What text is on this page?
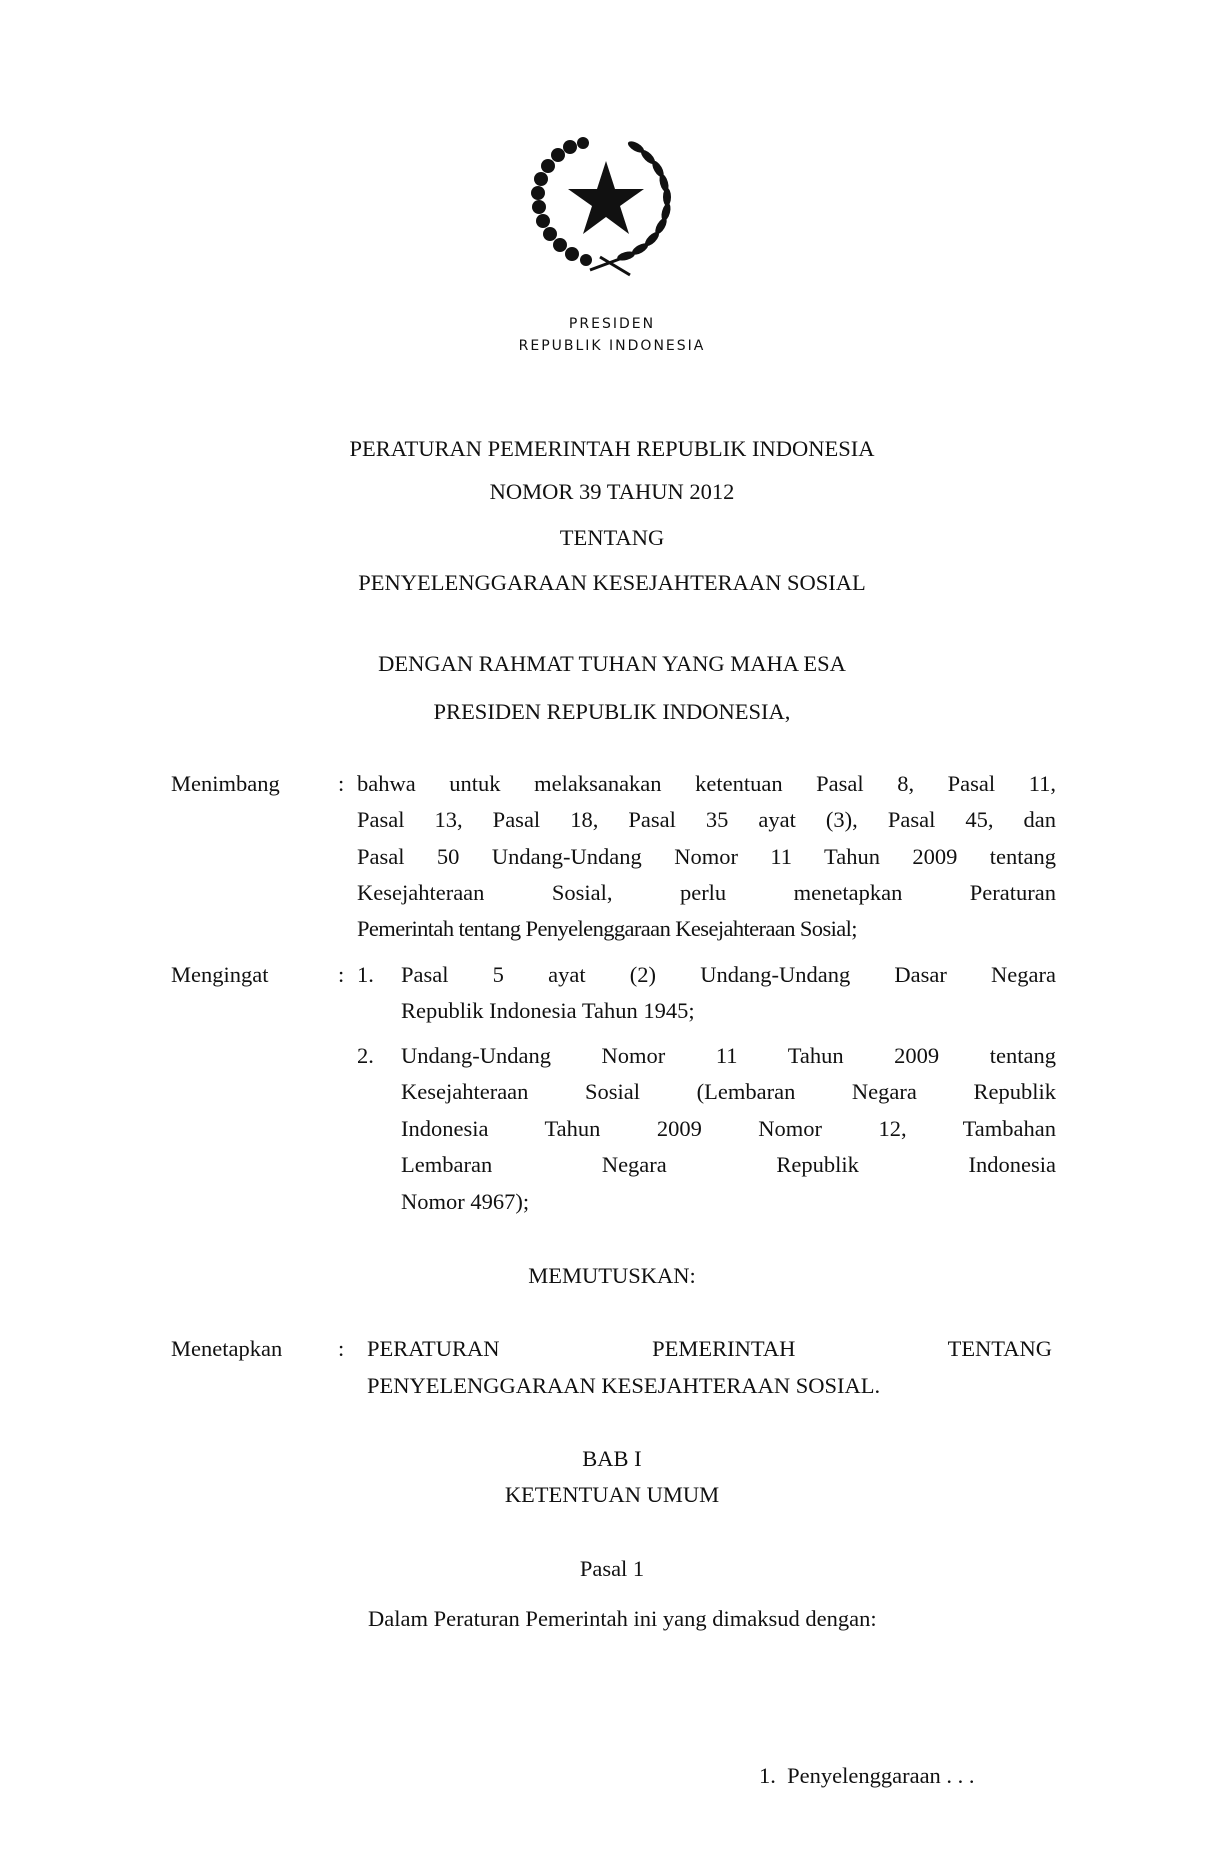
PRESIDEN
REPUBLIK INDONESIA
PERATURAN PEMERINTAH REPUBLIK INDONESIA
NOMOR 39 TAHUN 2012
TENTANG
PENYELENGGARAAN KESEJAHTERAAN SOSIAL
DENGAN RAHMAT TUHAN YANG MAHA ESA
PRESIDEN REPUBLIK INDONESIA,
Menimbang	: bahwa untuk melaksanakan ketentuan Pasal 8, Pasal 11,
Pasal 13, Pasal 18, Pasal 35 ayat (3), Pasal 45, dan
Pasal 50 Undang-Undang Nomor 11 Tahun 2009 tentang
Kesejahteraan Sosial, perlu menetapkan Peraturan
Pemerintah tentang Penyelenggaraan Kesejahteraan Sosial;
Mengingat	: 1. Pasal 5 ayat (2) Undang-Undang Dasar Negara
Republik Indonesia Tahun 1945;
2. Undang-Undang Nomor 11 Tahun 2009 tentang
Kesejahteraan Sosial (Lembaran Negara Republik
Indonesia Tahun 2009 Nomor 12, Tambahan
Lembaran Negara Republik Indonesia
Nomor 4967);
MEMUTUSKAN:
Menetapkan : PERATURAN PEMERINTAH TENTANG
PENYELENGGARAAN KESEJAHTERAAN SOSIAL.
BAB I
KETENTUAN UMUM
Pasal 1
Dalam Peraturan Pemerintah ini yang dimaksud dengan:
1.  Penyelenggaraan . . .
